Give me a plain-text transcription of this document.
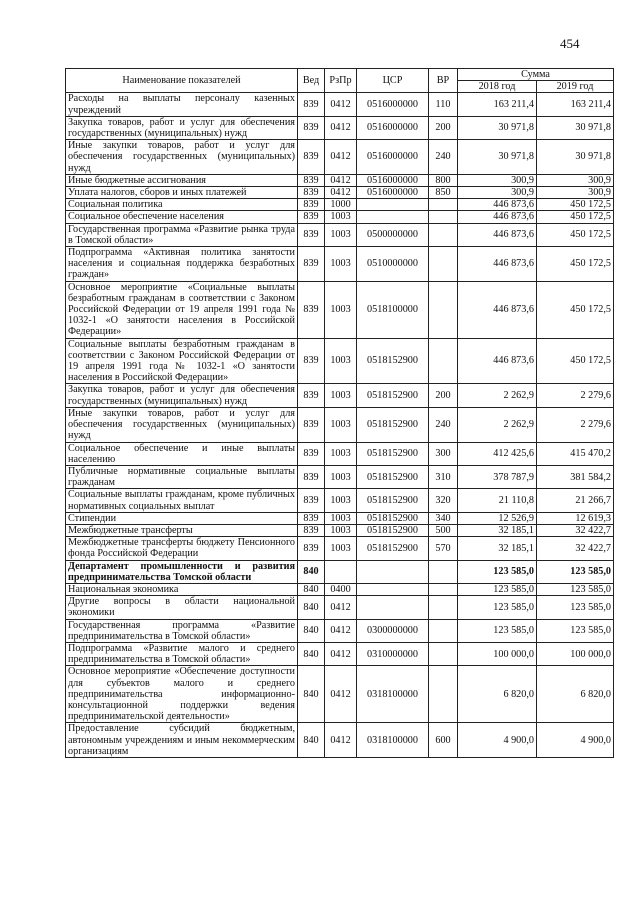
454
Наименование показателей	Вед	РзПр	ЦСР	ВР	Сумма	
					2018 год	2019 год
Расходы на выплаты персоналу казенных учреждений	839	0412	0516000000	110	163 211,4	163 211,4
Закупка товаров, работ и услуг для обеспечения государственных (муниципальных) нужд	839	0412	0516000000	200	30 971,8	30 971,8
Иные закупки товаров, работ и услуг для обеспечения государственных (муниципальных) нужд	839	0412	0516000000	240	30 971,8	30 971,8
Иные бюджетные ассигнования	839	0412	0516000000	800	300,9	300,9
Уплата налогов, сборов и иных платежей	839	0412	0516000000	850	300,9	300,9
Социальная политика	839	1000			446 873,6	450 172,5
Социальное обеспечение населения	839	1003			446 873,6	450 172,5
Государственная программа «Развитие рынка труда в Томской области»	839	1003	0500000000		446 873,6	450 172,5
Подпрограмма «Активная политика занятости населения и социальная поддержка безработных граждан»	839	1003	0510000000		446 873,6	450 172,5
Основное мероприятие «Социальные выплаты безработным гражданам в соответствии с Законом Российской Федерации от 19 апреля 1991 года № 1032-1 «О занятости населения в Российской Федерации»	839	1003	0518100000		446 873,6	450 172,5
Социальные выплаты безработным гражданам в соответствии с Законом Российской Федерации от 19 апреля 1991 года № 1032-1 «О занятости населения в Российской Федерации»	839	1003	0518152900		446 873,6	450 172,5
Закупка товаров, работ и услуг для обеспечения государственных (муниципальных) нужд	839	1003	0518152900	200	2 262,9	2 279,6
Иные закупки товаров, работ и услуг для обеспечения государственных (муниципальных) нужд	839	1003	0518152900	240	2 262,9	2 279,6
Социальное обеспечение и иные выплаты населению	839	1003	0518152900	300	412 425,6	415 470,2
Публичные нормативные социальные выплаты гражданам	839	1003	0518152900	310	378 787,9	381 584,2
Социальные выплаты гражданам, кроме публичных нормативных социальных выплат	839	1003	0518152900	320	21 110,8	21 266,7
Стипендии	839	1003	0518152900	340	12 526,9	12 619,3
Межбюджетные трансферты	839	1003	0518152900	500	32 185,1	32 422,7
Межбюджетные трансферты бюджету Пенсионного фонда Российской Федерации	839	1003	0518152900	570	32 185,1	32 422,7
Департамент промышленности и развития предпринимательства Томской области	840				123 585,0	123 585,0
Национальная экономика	840	0400			123 585,0	123 585,0
Другие вопросы в области национальной экономики	840	0412			123 585,0	123 585,0
Государственная программа «Развитие предпринимательства в Томской области»	840	0412	0300000000		123 585,0	123 585,0
Подпрограмма «Развитие малого и среднего предпринимательства в Томской области»	840	0412	0310000000		100 000,0	100 000,0
Основное мероприятие «Обеспечение доступности для субъектов малого и среднего предпринимательства информационно-консультационной поддержки ведения предпринимательской деятельности»	840	0412	0318100000		6 820,0	6 820,0
Предоставление субсидий бюджетным, автономным учреждениям и иным некоммерческим организациям	840	0412	0318100000	600	4 900,0	4 900,0
